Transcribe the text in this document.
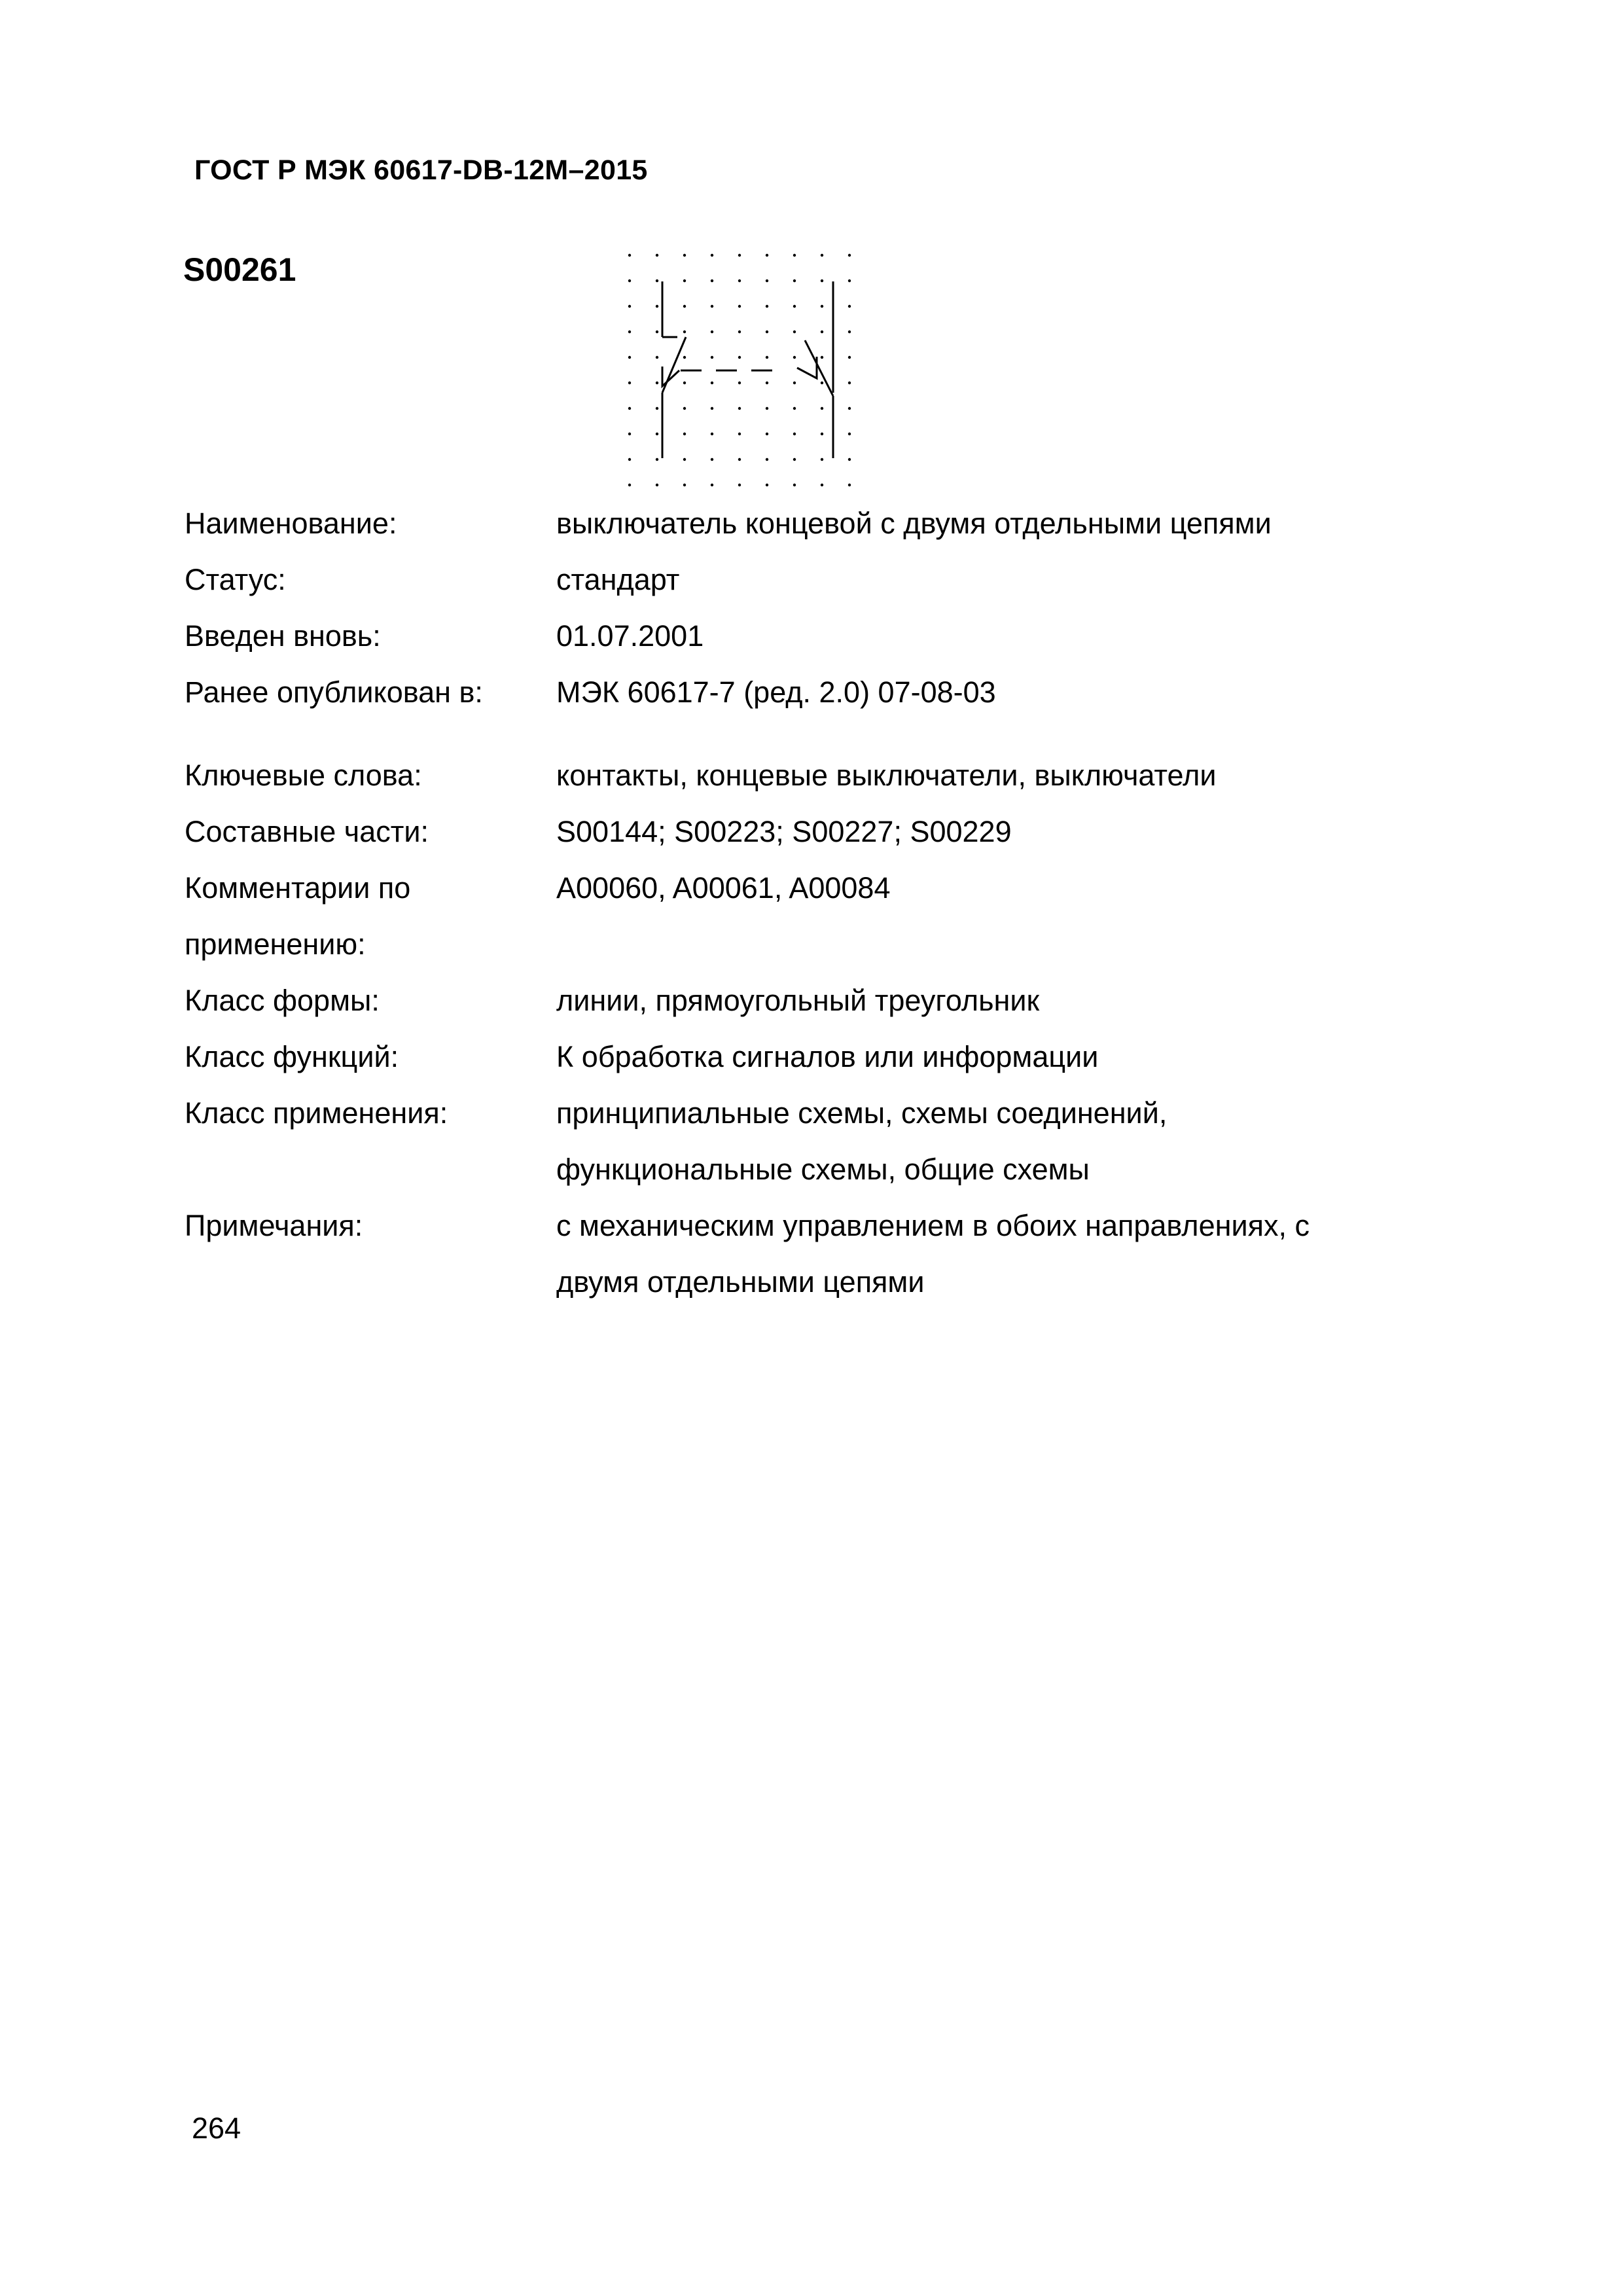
ГОСТ Р МЭК 60617-DB-12M–2015
S00261
Наименование:	выключатель концевой с двумя отдельными цепями
Статус:	стандарт
Введен вновь:	01.07.2001
Ранее опубликован в:	МЭК 60617-7 (ред. 2.0) 07-08-03
Ключевые слова:	контакты, концевые выключатели, выключатели
Составные части:	S00144; S00223; S00227; S00229
Комментарии по	A00060, A00061, A00084
применению:
Класс формы:	линии, прямоугольный треугольник
Класс функций:	К обработка сигналов или информации
Класс применения:	принципиальные схемы, схемы соединений,
функциональные схемы, общие схемы
Примечания:	с механическим управлением в обоих направлениях, с
двумя отдельными цепями
264
